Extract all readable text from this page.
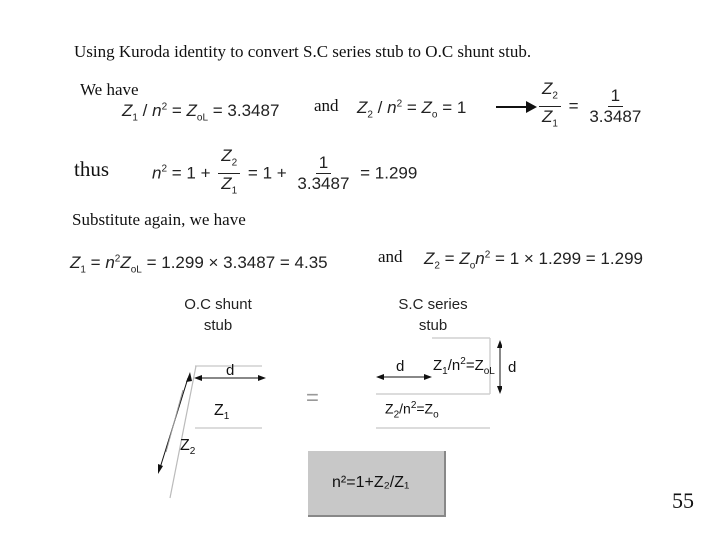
Using Kuroda identity to convert S.C series stub to O.C shunt stub.
We have
$Z_1 / n^2 = Z_{oL} = 3.3487$ and $Z_2 / n^2 = Z_o = 1$	$\frac{Z_2}{Z_1} = \frac{1}{3.3487}$
thus	$n^2 = 1 + \frac{Z_2}{Z_1} = 1 + \frac{1}{3.3487} = 1.299$
Substitute again, we have
$Z_1 = n^2Z_{oL} = 1.299 \times 3.3487 = 4.35$	and $Z_2 = Z_on^2 = 1 \times 1.299 = 1.299$
O.C shunt
stub
S.C series
stub
d
$Z_1$
$Z_2$
=
d $Z_1/n^2=Z_{oL}$ d
$Z_2/n^2=Z_o$
n²=1+Z₂/Z₁
55
